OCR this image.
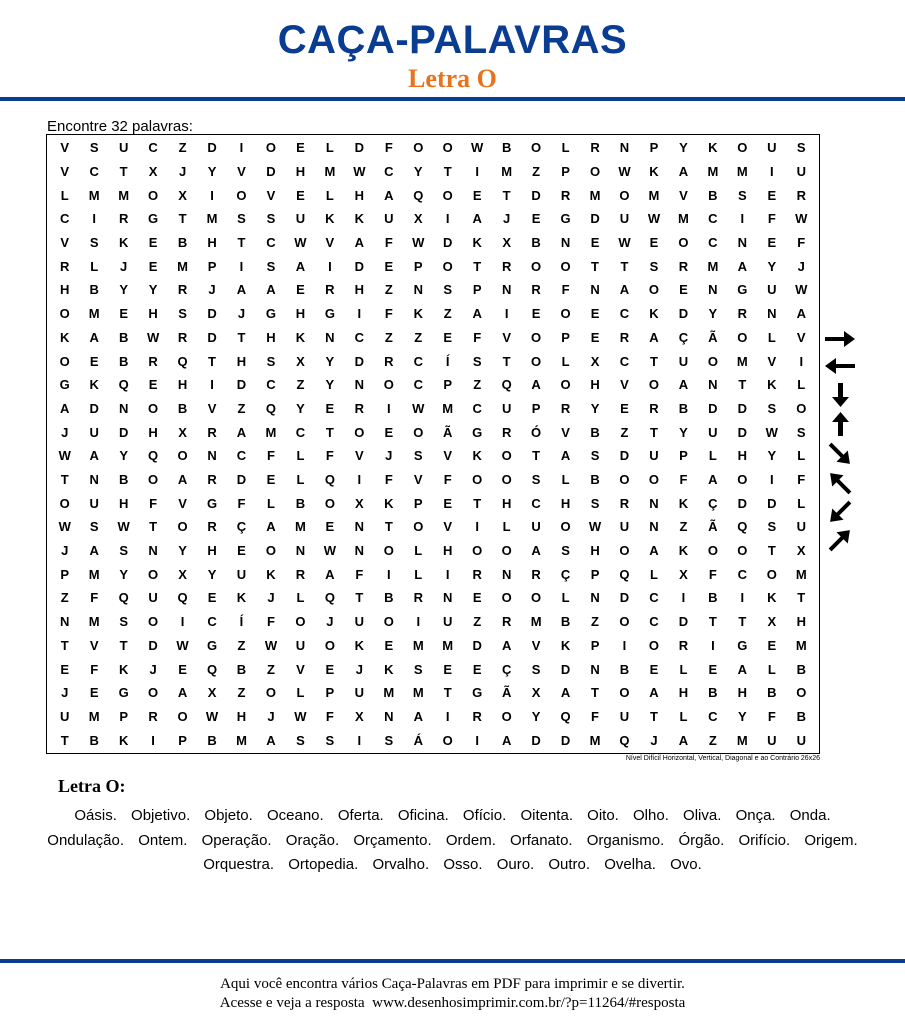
CAÇA-PALAVRAS
Letra O
Encontre 32 palavras:
V	S	U	C	Z	D	I	O	E	L	D	F	O	O	W	B	O	L	R	N	P	Y	K	O	U	S
V	C	T	X	J	Y	V	D	H	M	W	C	Y	T	I	M	Z	P	O	W	K	A	M	M	I	U
L	M	M	O	X	I	O	V	E	L	H	A	Q	O	E	T	D	R	M	O	M	V	B	S	E	R
C	I	R	G	T	M	S	S	U	K	K	U	X	I	A	J	E	G	D	U	W	M	C	I	F	W
V	S	K	E	B	H	T	C	W	V	A	F	W	D	K	X	B	N	E	W	E	O	C	N	E	F
R	L	J	E	M	P	I	S	A	I	D	E	P	O	T	R	O	O	T	T	S	R	M	A	Y	J
H	B	Y	Y	R	J	A	A	E	R	H	Z	N	S	P	N	R	F	N	A	O	E	N	G	U	W
O	M	E	H	S	D	J	G	H	G	I	F	K	Z	A	I	E	O	E	C	K	D	Y	R	N	A
K	A	B	W	R	D	T	H	K	N	C	Z	Z	E	F	V	O	P	E	R	A	Ç	Ã	O	L	V
O	E	B	R	Q	T	H	S	X	Y	D	R	C	Í	S	T	O	L	X	C	T	U	O	M	V	I
G	K	Q	E	H	I	D	C	Z	Y	N	O	C	P	Z	Q	A	O	H	V	O	A	N	T	K	L
A	D	N	O	B	V	Z	Q	Y	E	R	I	W	M	C	U	P	R	Y	E	R	B	D	D	S	O
J	U	D	H	X	R	A	M	C	T	O	E	O	Ã	G	R	Ó	V	B	Z	T	Y	U	D	W	S
W	A	Y	Q	O	N	C	F	L	F	V	J	S	V	K	O	T	A	S	D	U	P	L	H	Y	L
T	N	B	O	A	R	D	E	L	Q	I	F	V	F	O	O	S	L	B	O	O	F	A	O	I	F
O	U	H	F	V	G	F	L	B	O	X	K	P	E	T	H	C	H	S	R	N	K	Ç	D	D	L
W	S	W	T	O	R	Ç	A	M	E	N	T	O	V	I	L	U	O	W	U	N	Z	Ã	Q	S	U
J	A	S	N	Y	H	E	O	N	W	N	O	L	H	O	O	A	S	H	O	A	K	O	O	T	X
P	M	Y	O	X	Y	U	K	R	A	F	I	L	I	R	N	R	Ç	P	Q	L	X	F	C	O	M
Z	F	Q	U	Q	E	K	J	L	Q	T	B	R	N	E	O	O	L	N	D	C	I	B	I	K	T
N	M	S	O	I	C	Í	F	O	J	U	O	I	U	Z	R	M	B	Z	O	C	D	T	T	X	H
T	V	T	D	W	G	Z	W	U	O	K	E	M	M	D	A	V	K	P	I	O	R	I	G	E	M
E	F	K	J	E	Q	B	Z	V	E	J	K	S	E	E	Ç	S	D	N	B	E	L	E	A	L	B
J	E	G	O	A	X	Z	O	L	P	U	M	M	T	G	Ã	X	A	T	O	A	H	B	H	B	O
U	M	P	R	O	W	H	J	W	F	X	N	A	I	R	O	Y	Q	F	U	T	L	C	Y	F	B
T	B	K	I	P	B	M	A	S	S	I	S	Á	O	I	A	D	D	M	Q	J	A	Z	M	U	U
Nível Difícil Horizontal, Vertical, Diagonal e ao Contrário 26x26
Letra O:
Oásis. Objetivo. Objeto. Oceano. Oferta. Oficina. Ofício. Oitenta. Oito. Olho. Oliva. Onça. Onda. Ondulação. Ontem. Operação. Oração. Orçamento. Ordem. Orfanato. Organismo. Órgão. Orifício. Origem. Orquestra. Ortopedia. Orvalho. Osso. Ouro. Outro. Ovelha. Ovo.
Aqui você encontra vários Caça-Palavras em PDF para imprimir e se divertir.
Acesse e veja a resposta  www.desenhosimprimir.com.br/?p=11264/#resposta
